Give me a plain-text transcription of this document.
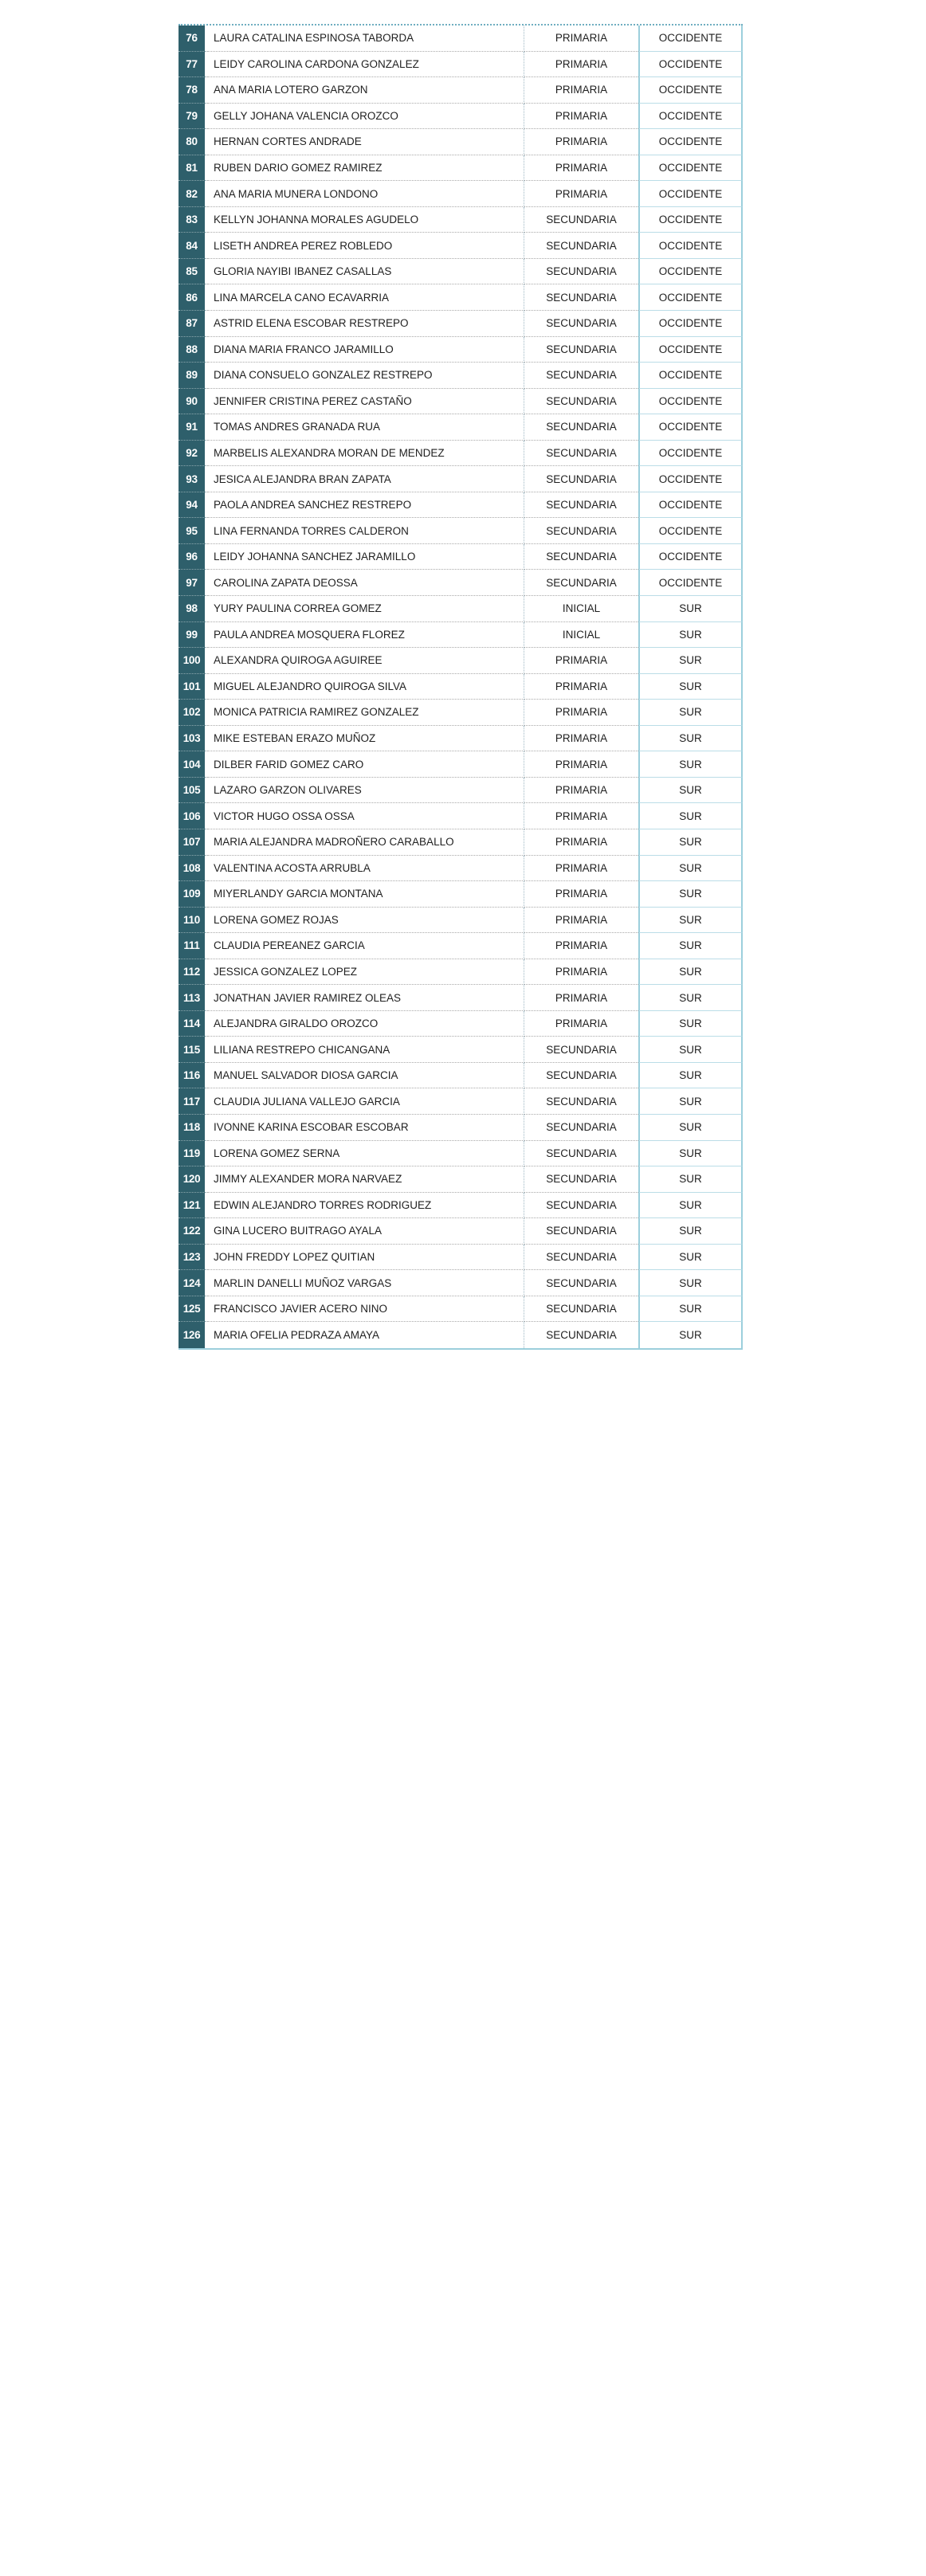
76	LAURA CATALINA ESPINOSA TABORDA	PRIMARIA	OCCIDENTE
77	LEIDY CAROLINA CARDONA GONZALEZ	PRIMARIA	OCCIDENTE
78	ANA MARIA LOTERO GARZON	PRIMARIA	OCCIDENTE
79	GELLY JOHANA VALENCIA OROZCO	PRIMARIA	OCCIDENTE
80	HERNAN CORTES ANDRADE	PRIMARIA	OCCIDENTE
81	RUBEN DARIO GOMEZ RAMIREZ	PRIMARIA	OCCIDENTE
82	ANA MARIA MUNERA LONDONO	PRIMARIA	OCCIDENTE
83	KELLYN JOHANNA MORALES AGUDELO	SECUNDARIA	OCCIDENTE
84	LISETH ANDREA PEREZ ROBLEDO	SECUNDARIA	OCCIDENTE
85	GLORIA NAYIBI IBANEZ CASALLAS	SECUNDARIA	OCCIDENTE
86	LINA MARCELA CANO ECAVARRIA	SECUNDARIA	OCCIDENTE
87	ASTRID ELENA ESCOBAR RESTREPO	SECUNDARIA	OCCIDENTE
88	DIANA MARIA FRANCO JARAMILLO	SECUNDARIA	OCCIDENTE
89	DIANA CONSUELO GONZALEZ RESTREPO	SECUNDARIA	OCCIDENTE
90	JENNIFER CRISTINA PEREZ CASTAÑO	SECUNDARIA	OCCIDENTE
91	TOMAS ANDRES GRANADA RUA	SECUNDARIA	OCCIDENTE
92	MARBELIS ALEXANDRA MORAN DE MENDEZ	SECUNDARIA	OCCIDENTE
93	JESICA ALEJANDRA BRAN ZAPATA	SECUNDARIA	OCCIDENTE
94	PAOLA ANDREA SANCHEZ RESTREPO	SECUNDARIA	OCCIDENTE
95	LINA FERNANDA TORRES CALDERON	SECUNDARIA	OCCIDENTE
96	LEIDY JOHANNA SANCHEZ JARAMILLO	SECUNDARIA	OCCIDENTE
97	CAROLINA ZAPATA DEOSSA	SECUNDARIA	OCCIDENTE
98	YURY PAULINA CORREA GOMEZ	INICIAL	SUR
99	PAULA ANDREA MOSQUERA FLOREZ	INICIAL	SUR
100	ALEXANDRA QUIROGA AGUIREE	PRIMARIA	SUR
101	MIGUEL ALEJANDRO QUIROGA SILVA	PRIMARIA	SUR
102	MONICA PATRICIA RAMIREZ GONZALEZ	PRIMARIA	SUR
103	MIKE ESTEBAN ERAZO MUÑOZ	PRIMARIA	SUR
104	DILBER FARID GOMEZ CARO	PRIMARIA	SUR
105	LAZARO GARZON OLIVARES	PRIMARIA	SUR
106	VICTOR HUGO OSSA OSSA	PRIMARIA	SUR
107	MARIA ALEJANDRA MADROÑERO CARABALLO	PRIMARIA	SUR
108	VALENTINA ACOSTA ARRUBLA	PRIMARIA	SUR
109	MIYERLANDY GARCIA MONTANA	PRIMARIA	SUR
110	LORENA GOMEZ ROJAS	PRIMARIA	SUR
111	CLAUDIA PEREANEZ GARCIA	PRIMARIA	SUR
112	JESSICA GONZALEZ LOPEZ	PRIMARIA	SUR
113	JONATHAN JAVIER RAMIREZ OLEAS	PRIMARIA	SUR
114	ALEJANDRA GIRALDO OROZCO	PRIMARIA	SUR
115	LILIANA RESTREPO CHICANGANA	SECUNDARIA	SUR
116	MANUEL SALVADOR DIOSA GARCIA	SECUNDARIA	SUR
117	CLAUDIA JULIANA VALLEJO GARCIA	SECUNDARIA	SUR
118	IVONNE KARINA ESCOBAR ESCOBAR	SECUNDARIA	SUR
119	LORENA GOMEZ SERNA	SECUNDARIA	SUR
120	JIMMY ALEXANDER MORA NARVAEZ	SECUNDARIA	SUR
121	EDWIN ALEJANDRO TORRES RODRIGUEZ	SECUNDARIA	SUR
122	GINA LUCERO BUITRAGO AYALA	SECUNDARIA	SUR
123	JOHN FREDDY LOPEZ QUITIAN	SECUNDARIA	SUR
124	MARLIN DANELLI MUÑOZ VARGAS	SECUNDARIA	SUR
125	FRANCISCO JAVIER ACERO NINO	SECUNDARIA	SUR
126	MARIA OFELIA PEDRAZA AMAYA	SECUNDARIA	SUR
